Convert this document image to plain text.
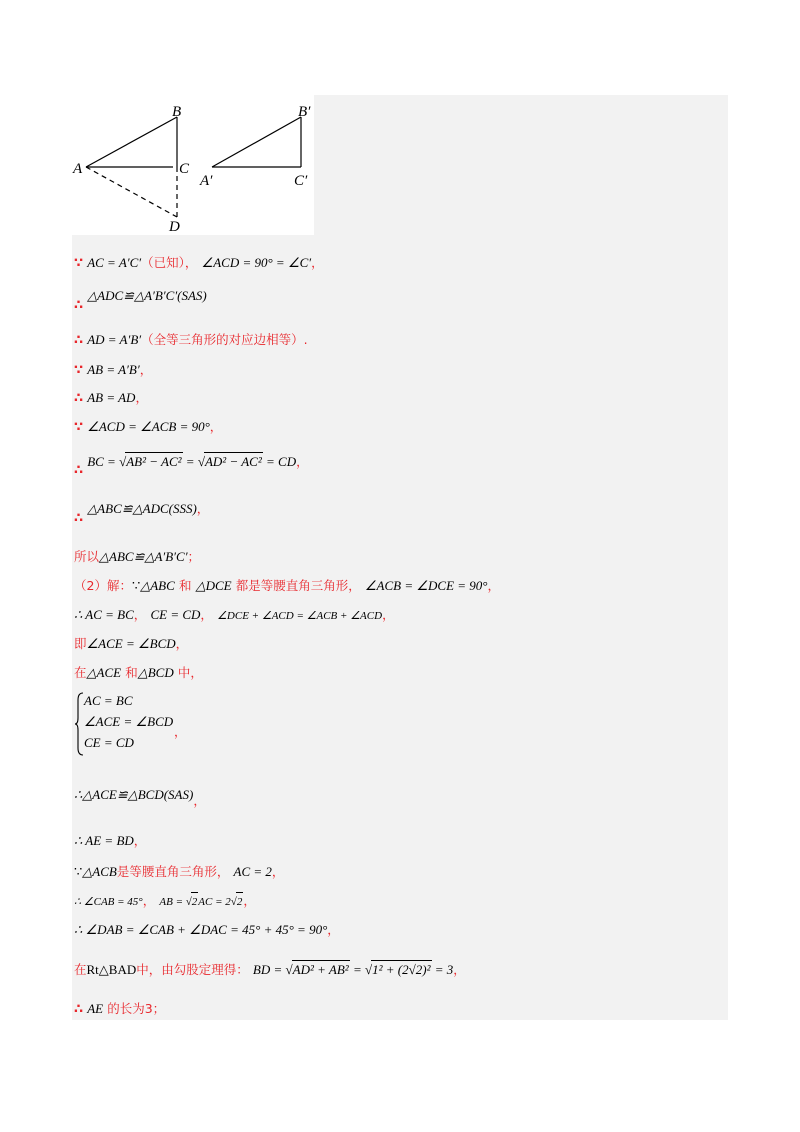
A
B
C
D
A′
B′
C′
∵ AC = A′C′（已知）， ∠ACD = 90° = ∠C′，
∴ △ADC≌△A′B′C′(SAS)
∴ AD = A′B′（全等三角形的对应边相等）.
∵ AB = A′B′，
∴ AB = AD，
∵ ∠ACD = ∠ACB = 90°，
∴ BC = √AB² − AC² = √AD² − AC² = CD，
∴ △ABC≌△ADC(SSS)，
所以△ABC≌△A′B′C′；
（2）解：∵△ABC 和 △DCE 都是等腰直角三角形， ∠ACB = ∠DCE = 90°，
∴ AC = BC， CE = CD， ∠DCE + ∠ACD = ∠ACB + ∠ACD，
即∠ACE = ∠BCD，
在△ACE 和△BCD 中，
AC = BC
∠ACE = ∠BCD
CE = CD
，
∴△ACE≌△BCD(SAS)，
∴ AE = BD，
∵△ACB是等腰直角三角形， AC = 2，
∴ ∠CAB = 45°， AB = √2AC = 2√2，
∴ ∠DAB = ∠CAB + ∠DAC = 45° + 45° = 90°，
在Rt△BAD中，由勾股定理得： BD = √AD² + AB² = √1² + (2√2)² = 3，
∴ AE 的长为3；
